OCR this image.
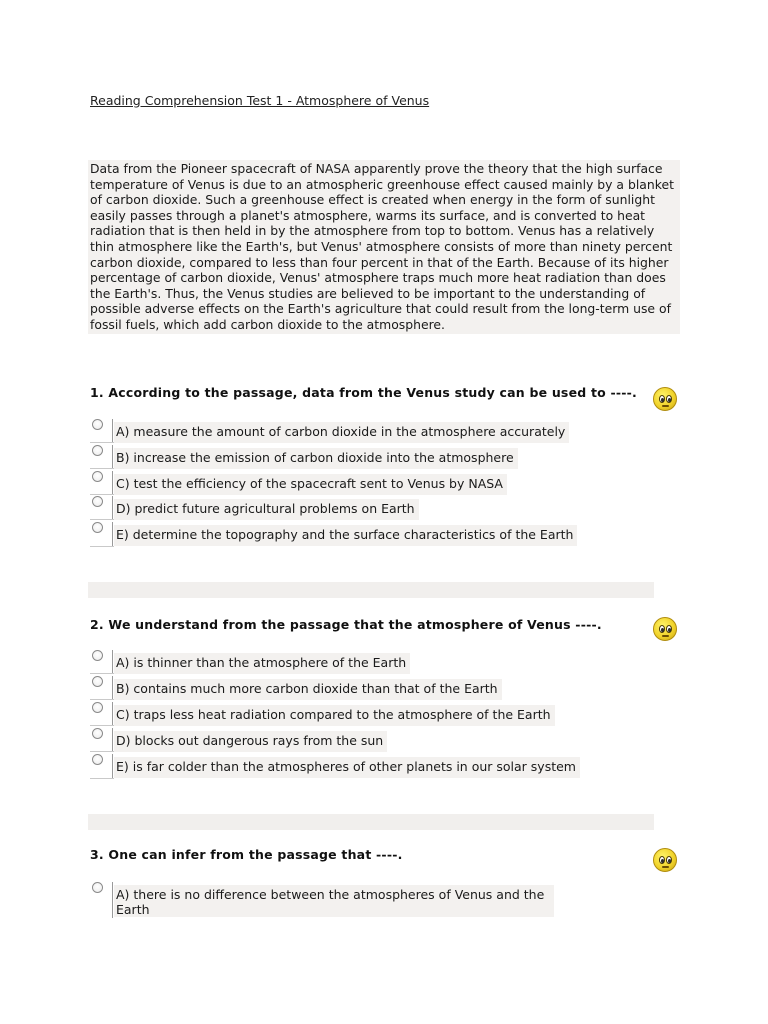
Reading Comprehension Test 1 - Atmosphere of Venus

Data from the Pioneer spacecraft of NASA apparently prove the theory that the high surface temperature of Venus is due to an atmospheric greenhouse effect caused mainly by a blanket of carbon dioxide. Such a greenhouse effect is created when energy in the form of sunlight easily passes through a planet's atmosphere, warms its surface, and is converted to heat radiation that is then held in by the atmosphere from top to bottom. Venus has a relatively thin atmosphere like the Earth's, but Venus' atmosphere consists of more than ninety percent carbon dioxide, compared to less than four percent in that of the Earth. Because of its higher percentage of carbon dioxide, Venus' atmosphere traps much more heat radiation than does the Earth's. Thus, the Venus studies are believed to be important to the understanding of possible adverse effects on the Earth's agriculture that could result from the long-term use of fossil fuels, which add carbon dioxide to the atmosphere.

1. According to the passage, data from the Venus study can be used to ----.
A) measure the amount of carbon dioxide in the atmosphere accurately
B) increase the emission of carbon dioxide into the atmosphere
C) test the efficiency of the spacecraft sent to Venus by NASA
D) predict future agricultural problems on Earth
E) determine the topography and the surface characteristics of the Earth
2. We understand from the passage that the atmosphere of Venus ----.
A) is thinner than the atmosphere of the Earth
B) contains much more carbon dioxide than that of the Earth
C) traps less heat radiation compared to the atmosphere of the Earth
D) blocks out dangerous rays from the sun
E) is far colder than the atmospheres of other planets in our solar system
3. One can infer from the passage that ----.
A) there is no difference between the atmospheres of Venus and the Earth
